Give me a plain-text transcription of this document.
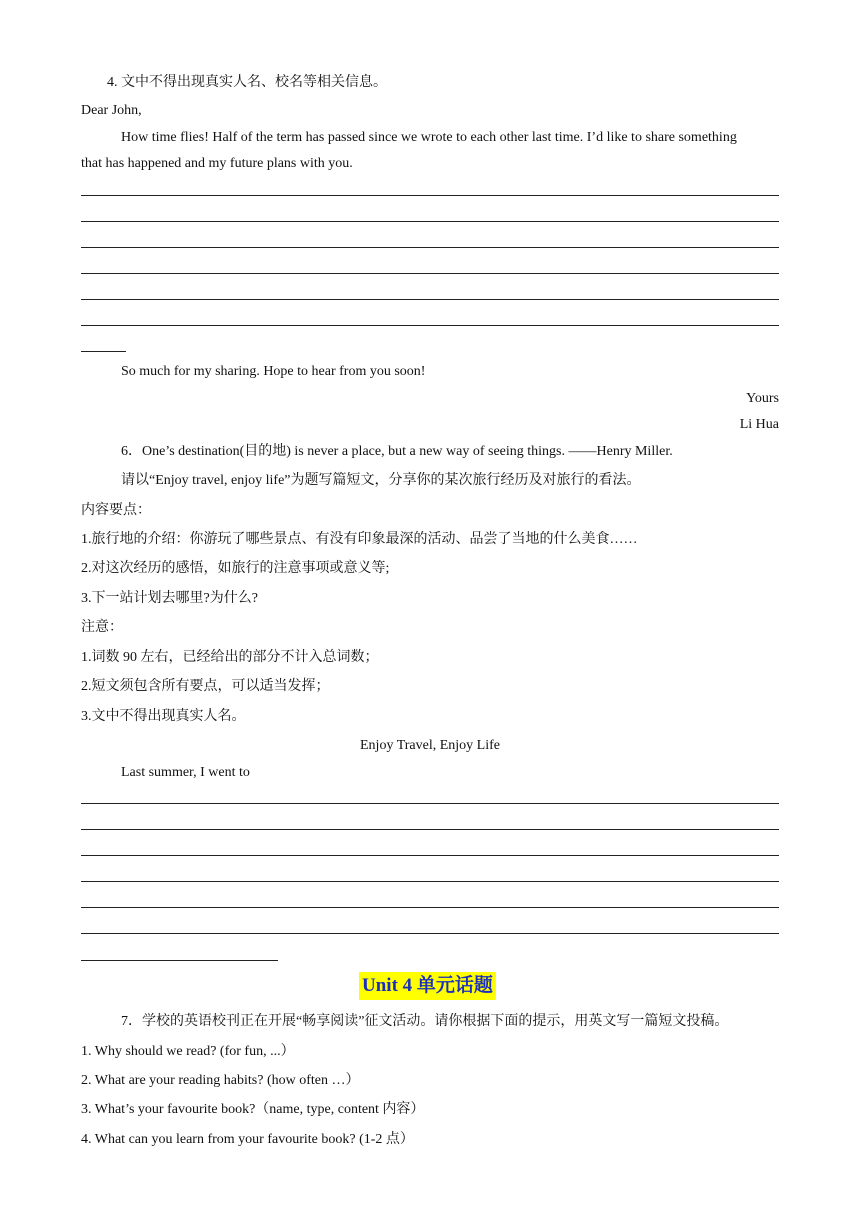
4. 文中不得出现真实人名、校名等相关信息。
Dear John,
How time flies! Half of the term has passed since we wrote to each other last time. I’d like to share something
that has happened and my future plans with you.
So much for my sharing. Hope to hear from you soon!
Yours
Li Hua
6．One’s destination(目的地) is never a place, but a new way of seeing things. ——Henry Miller.
请以“Enjoy travel, enjoy life”为题写篇短文，分享你的某次旅行经历及对旅行的看法。
内容要点：
1.旅行地的介绍：你游玩了哪些景点、有没有印象最深的活动、品尝了当地的什么美食……
2.对这次经历的感悟，如旅行的注意事项或意义等;
3.下一站计划去哪里?为什么?
注意：
1.词数 90 左右，已经给出的部分不计入总词数；
2.短文须包含所有要点，可以适当发挥；
3.文中不得出现真实人名。
Enjoy Travel, Enjoy Life
Last summer, I went to
Unit 4 单元话题
7．学校的英语校刊正在开展“畅享阅读”征文活动。请你根据下面的提示，用英文写一篇短文投稿。
1. Why should we read? (for fun, ...）
2. What are your reading habits? (how often …）
3. What’s your favourite book?（name, type, content 内容）
4. What can you learn from your favourite book? (1-2 点）
